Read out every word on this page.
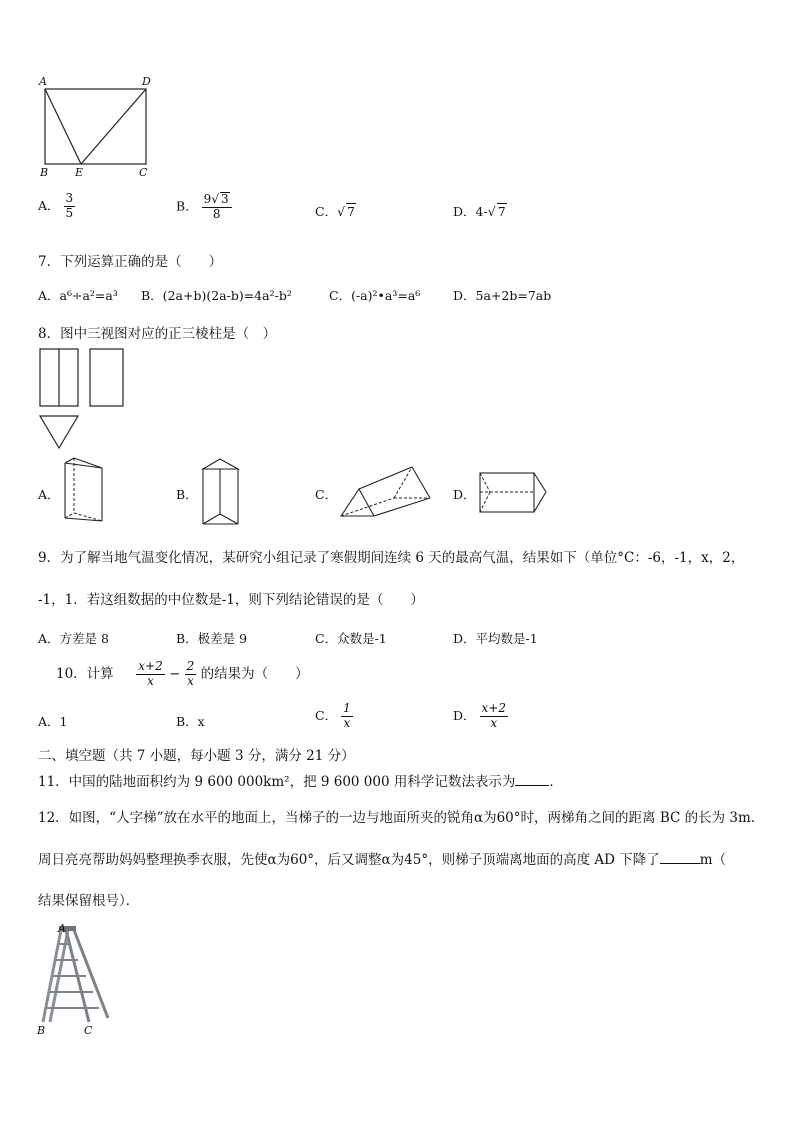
A	D
B E	C
A． $\frac{3}{5}$	B． $\frac{9√ 3}{8}$	C．√ 7	D．4-√ 7
7．下列运算正确的是（　　）
A．a⁶÷a²=a³ B．(2a+b)(2a-b)=4a²-b²	C．(-a)²•a³=a⁶	D．5a+2b=7ab
8．图中三视图对应的正三棱柱是（　）
A．	B．	C．	D．
9．为了解当地气温变化情况，某研究小组记录了寒假期间连续 6 天的最高气温，结果如下（单位°C：-6，-1，x，2，
-1，1．若这组数据的中位数是-1，则下列结论错误的是（　　）
A．方差是 8	B．极差是 9	C．众数是-1	D．平均数是-1
10．计算 $\frac{x+2}{x} - \frac{2}{x}$ 的结果为（　　）
A．1	B．x	C． $\frac{1}{x}$	D． $\frac{x+2}{x}$
二、填空题（共 7 小题，每小题 3 分，满分 21 分）
11．中国的陆地面积约为 9 600 000km²，把 9 600 000 用科学记数法表示为	．
12．如图，“人字梯”放在水平的地面上，当梯子的一边与地面所夹的锐角α为60°时，两梯角之间的距离 BC 的长为 3m.
周日亮亮帮助妈妈整理换季衣服，先使α为60°，后又调整α为45°，则梯子顶端离地面的高度 AD 下降了	m（
结果保留根号）．
A
B	C
